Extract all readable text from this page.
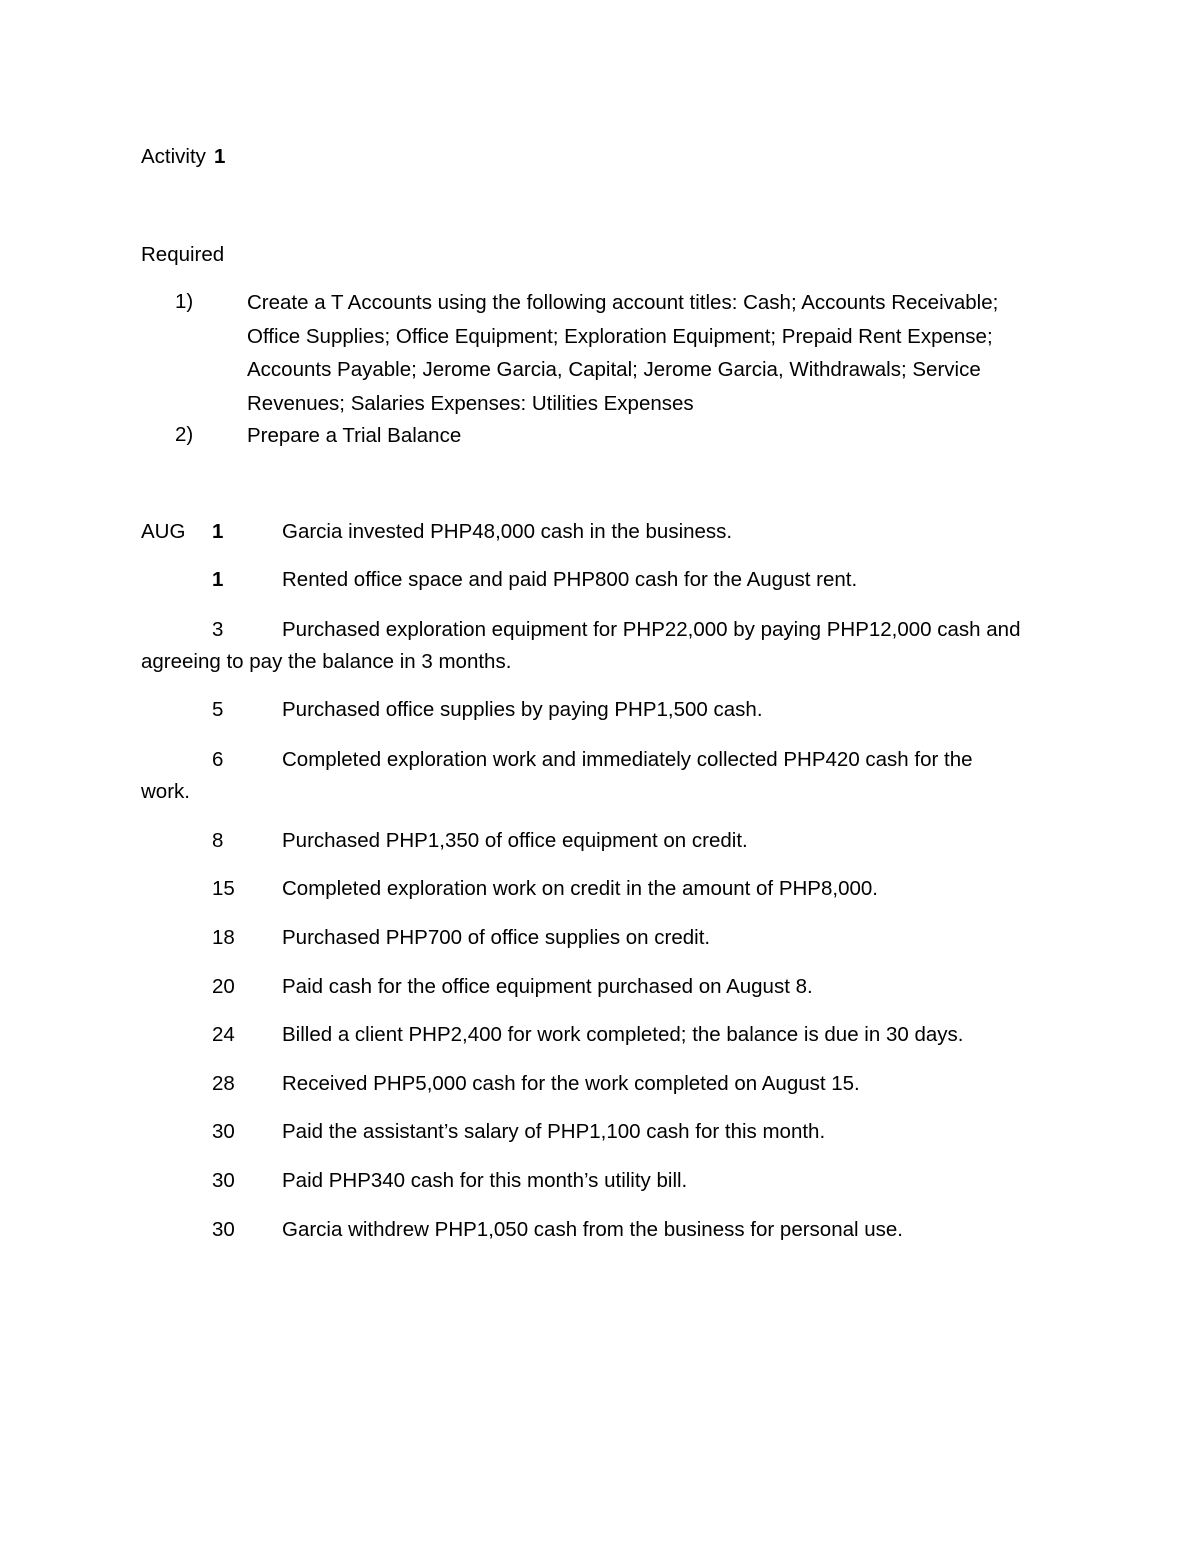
Activity 1
Required
1)	Create a T Accounts using the following account titles: Cash; Accounts Receivable; Office Supplies; Office Equipment; Exploration Equipment; Prepaid Rent Expense; Accounts Payable; Jerome Garcia, Capital; Jerome Garcia, Withdrawals; Service Revenues; Salaries Expenses: Utilities Expenses
2)	Prepare a Trial Balance
AUG 1	Garcia invested PHP48,000 cash in the business.
1	Rented office space and paid PHP800 cash for the August rent.
3	Purchased exploration equipment for PHP22,000 by paying PHP12,000 cash and
agreeing to pay the balance in 3 months.
5	Purchased office supplies by paying PHP1,500 cash.
6	Completed exploration work and immediately collected PHP420 cash for the
work.
8	Purchased PHP1,350 of office equipment on credit.
15 Completed exploration work on credit in the amount of PHP8,000.
18 Purchased PHP700 of office supplies on credit.
20 Paid cash for the office equipment purchased on August 8.
24 Billed a client PHP2,400 for work completed; the balance is due in 30 days.
28 Received PHP5,000 cash for the work completed on August 15.
30 Paid the assistant’s salary of PHP1,100 cash for this month.
30 Paid PHP340 cash for this month’s utility bill.
30 Garcia withdrew PHP1,050 cash from the business for personal use.
